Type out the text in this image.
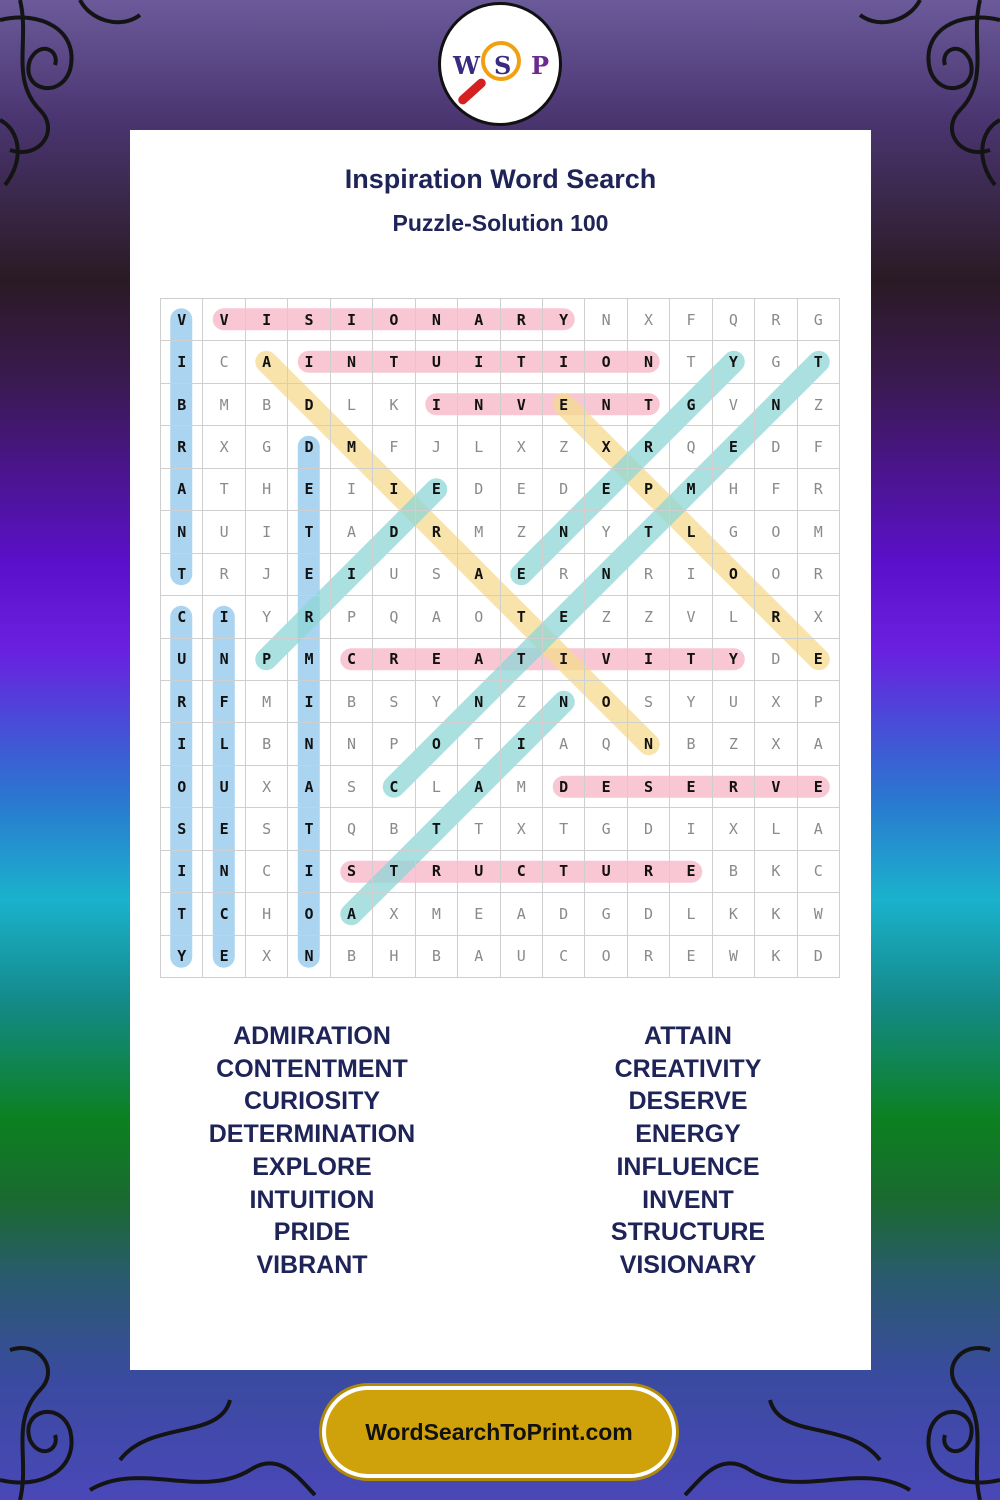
W S P
Inspiration Word Search
Puzzle-Solution 100
V	V	I	S	I	O	N	A	R	Y	N	X	F	Q	R	G
I	C	A	I	N	T	U	I	T	I	O	N	T	Y	G	T
B	M	B	D	L	K	I	N	V	E	N	T	G	V	N	Z
R	X	G	D	M	F	J	L	X	Z	X	R	Q	E	D	F
A	T	H	E	I	I	E	D	E	D	E	P	M	H	F	R
N	U	I	T	A	D	R	M	Z	N	Y	T	L	G	O	M
T	R	J	E	I	U	S	A	E	R	N	R	I	O	O	R
C	I	Y	R	P	Q	A	O	T	E	Z	Z	V	L	R	X
U	N	P	M	C	R	E	A	T	I	V	I	T	Y	D	E
R	F	M	I	B	S	Y	N	Z	N	O	S	Y	U	X	P
I	L	B	N	N	P	O	T	I	A	Q	N	B	Z	X	A
O	U	X	A	S	C	L	A	M	D	E	S	E	R	V	E
S	E	S	T	Q	B	T	T	X	T	G	D	I	X	L	A
I	N	C	I	S	T	R	U	C	T	U	R	E	B	K	C
T	C	H	O	A	X	M	E	A	D	G	D	L	K	K	W
Y	E	X	N	B	H	B	A	U	C	O	R	E	W	K	D
ADMIRATION
CONTENTMENT
CURIOSITY
DETERMINATION
EXPLORE
INTUITION
PRIDE
VIBRANT
ATTAIN
CREATIVITY
DESERVE
ENERGY
INFLUENCE
INVENT
STRUCTURE
VISIONARY
WordSearchToPrint.com
